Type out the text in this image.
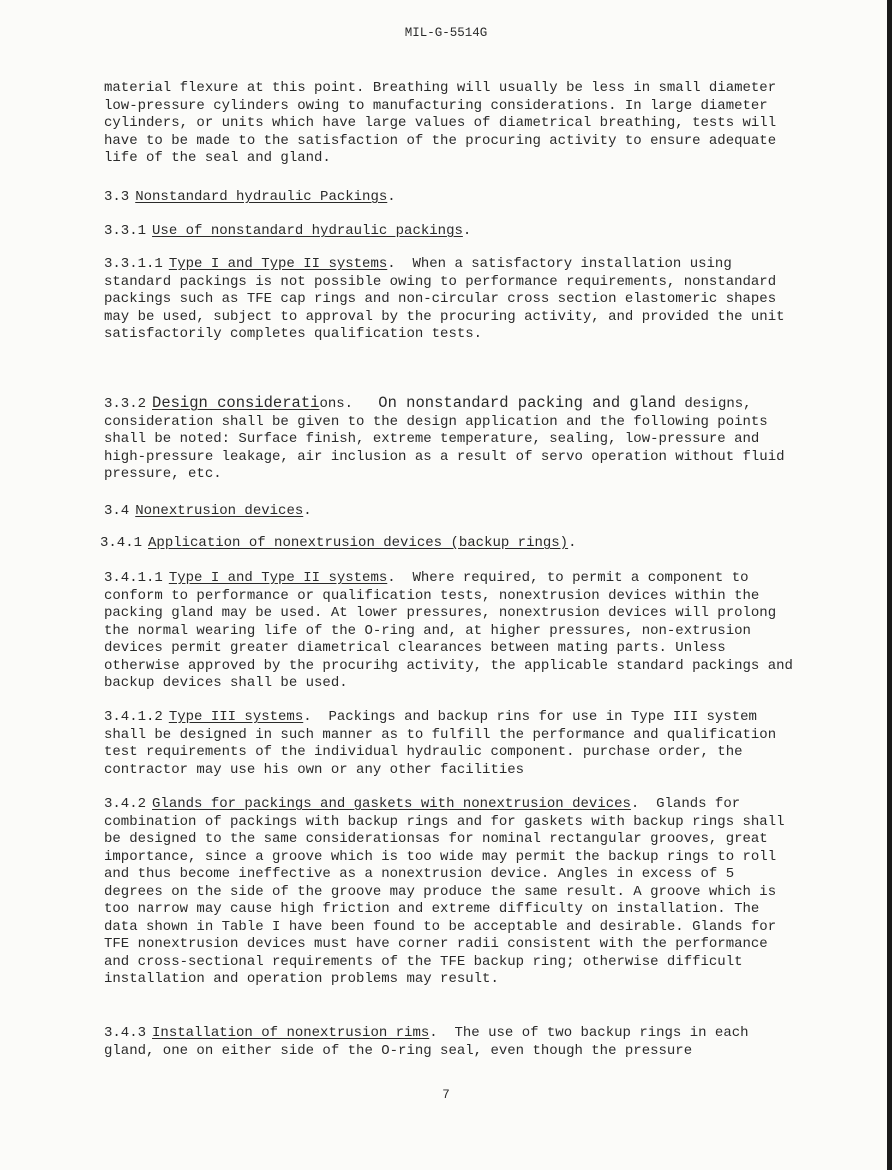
MIL-G-5514G

material flexure at this point. Breathing will usually be less in small diameter low-pressure cylinders owing to manufacturing considerations. In large diameter cylinders, or units which have large values of diametrical breathing, tests will have to be made to the satisfaction of the procuring activity to ensure adequate life of the seal and gland.

3.3 Nonstandard hydraulic Packings.
3.3.1 Use of nonstandard hydraulic packings.

3.3.1.1 Type I and Type II systems. When a satisfactory installation using standard packings is not possible owing to performance requirements, nonstandard packings such as TFE cap rings and non-circular cross section elastomeric shapes may be used, subject to approval by the procuring activity, and provided the unit satisfactorily completes qualification tests.

3.3.2 Design considerations. On nonstandard packing and gland designs, consideration shall be given to the design application and the following points shall be noted: Surface finish, extreme temperature, sealing, low-pressure and high-pressure leakage, air inclusion as a result of servo operation without fluid pressure, etc.

3.4 Nonextrusion devices.
3.4.1 Application of nonextrusion devices (backup rings).

3.4.1.1 Type I and Type II systems. Where required, to permit a component to conform to performance or qualification tests, nonextrusion devices within the packing gland may be used. At lower pressures, nonextrusion devices will prolong the normal wearing life of the O-ring and, at higher pressures, non-extrusion devices permit greater diametrical clearances between mating parts. Unless otherwise approved by the procurihg activity, the applicable standard packings and backup devices shall be used.

3.4.1.2 Type III systems. Packings and backup rins for use in Type III system shall be designed in such manner as to fulfill the performance and qualification test requirements of the individual hydraulic component. purchase order, the contractor may use his own or any other facilities

3.4.2 Glands for packings and gaskets with nonextrusion devices. Glands for combination of packings with backup rings and for gaskets with backup rings shall be designed to the same considerationsas for nominal rectangular grooves, great importance, since a groove which is too wide may permit the backup rings to roll and thus become ineffective as a nonextrusion device. Angles in excess of 5 degrees on the side of the groove may produce the same result. A groove which is too narrow may cause high friction and extreme difficulty on installation. The data shown in Table I have been found to be acceptable and desirable. Glands for TFE nonextrusion devices must have corner radii consistent with the performance and cross-sectional requirements of the TFE backup ring; otherwise difficult installation and operation problems may result.

3.4.3 Installation of nonextrusion rims. The use of two backup rings in each gland, one on either side of the O-ring seal, even though the pressure

7
